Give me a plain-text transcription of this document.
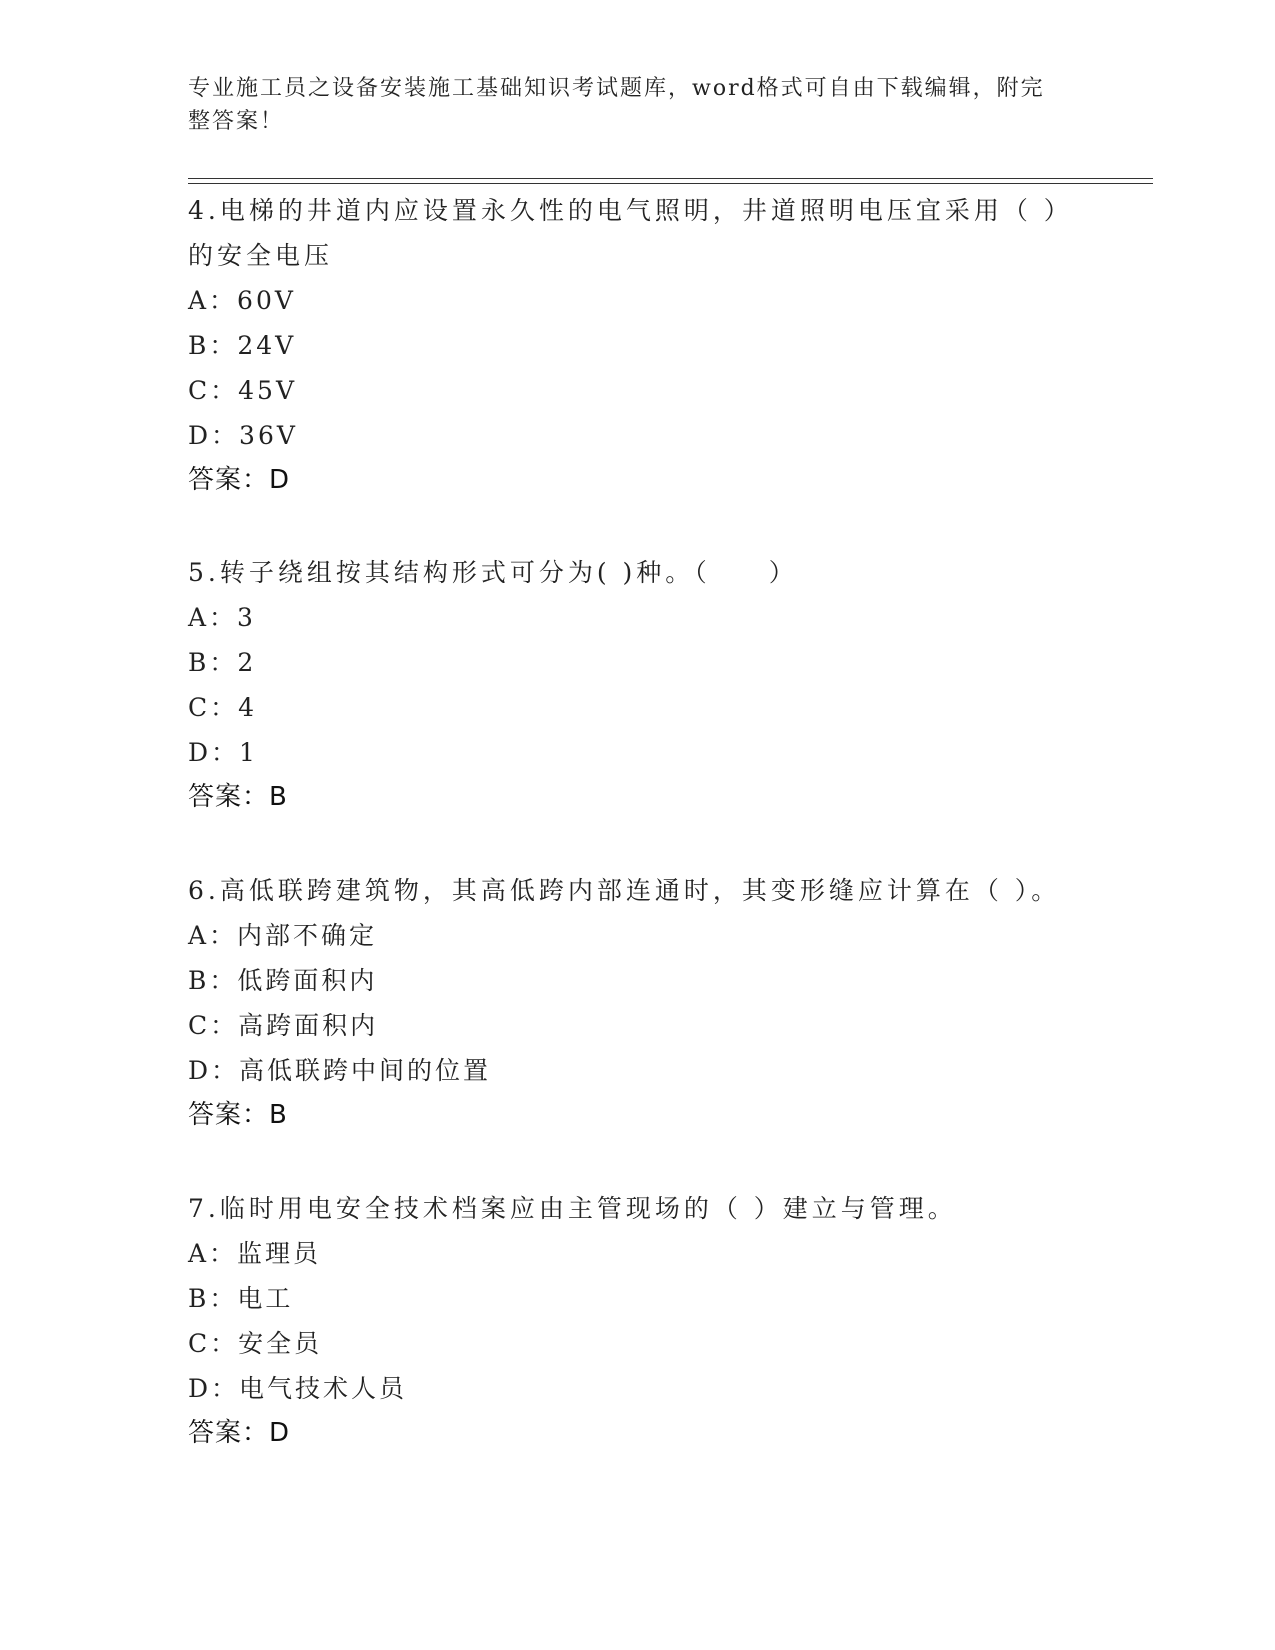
专业施工员之设备安装施工基础知识考试题库，word格式可自由下载编辑，附完
整答案！

4.电梯的井道内应设置永久性的电气照明，井道照明电压宜采用（ ）的安全电压

A：60V

B：24V

C：45V

D：36V

答案：D

5.转子绕组按其结构形式可分为( )种。（　　）

A：3

B：2

C：4

D：1

答案：B

6.高低联跨建筑物，其高低跨内部连通时，其变形缝应计算在（ ）。

A：内部不确定

B：低跨面积内

C：高跨面积内

D：高低联跨中间的位置

答案：B

7.临时用电安全技术档案应由主管现场的（ ）建立与管理。

A：监理员

B：电工

C：安全员

D：电气技术人员

答案：D
